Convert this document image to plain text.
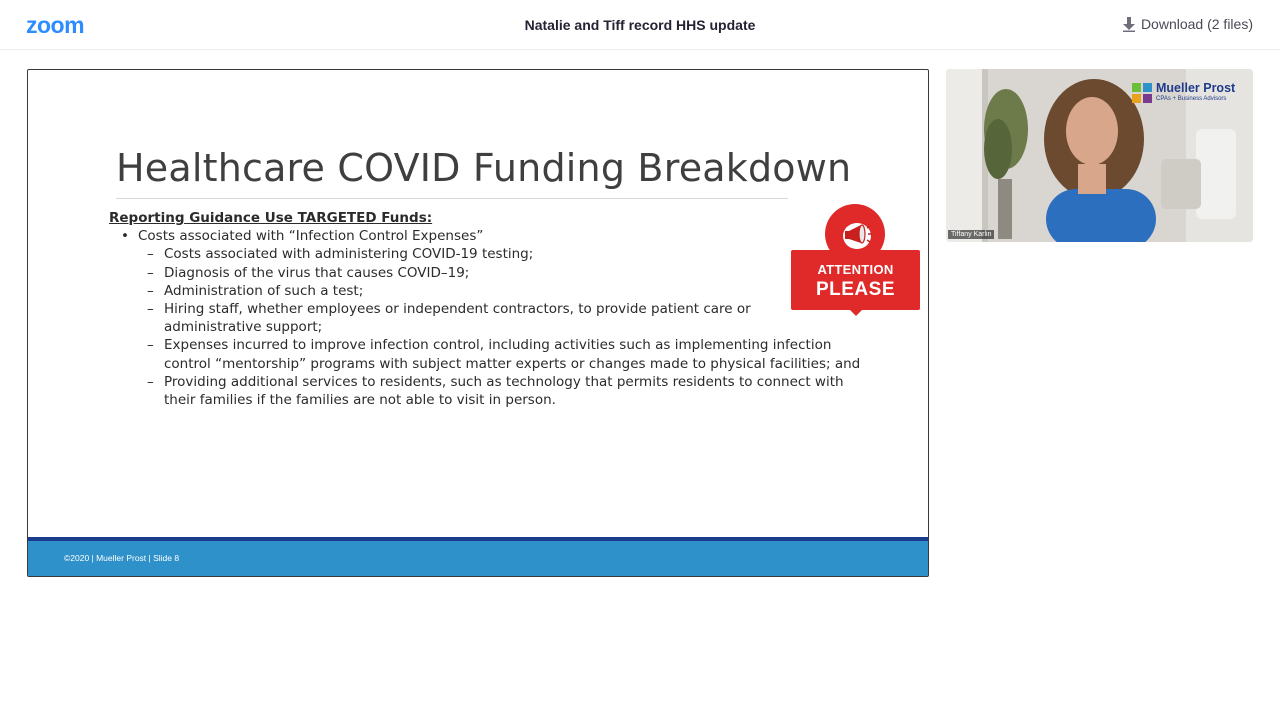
zoom	Natalie and Tiff record HHS update	Download (2 files)
Healthcare COVID Funding Breakdown
Reporting Guidance Use TARGETED Funds:
• Costs associated with “Infection Control Expenses”
– Costs associated with administering COVID-19 testing;
– Diagnosis of the virus that causes COVID–19;
– Administration of such a test;
– Hiring staff, whether employees or independent contractors, to provide patient care or administrative support;
– Expenses incurred to improve infection control, including activities such as implementing infection control “mentorship” programs with subject matter experts or changes made to physical facilities; and
– Providing additional services to residents, such as technology that permits residents to connect with their families if the families are not able to visit in person.
ATTENTION
PLEASE
©2020 | Mueller Prost | Slide 8
Mueller Prost
CPAs + Business Advisors
Tiffany Karlin
